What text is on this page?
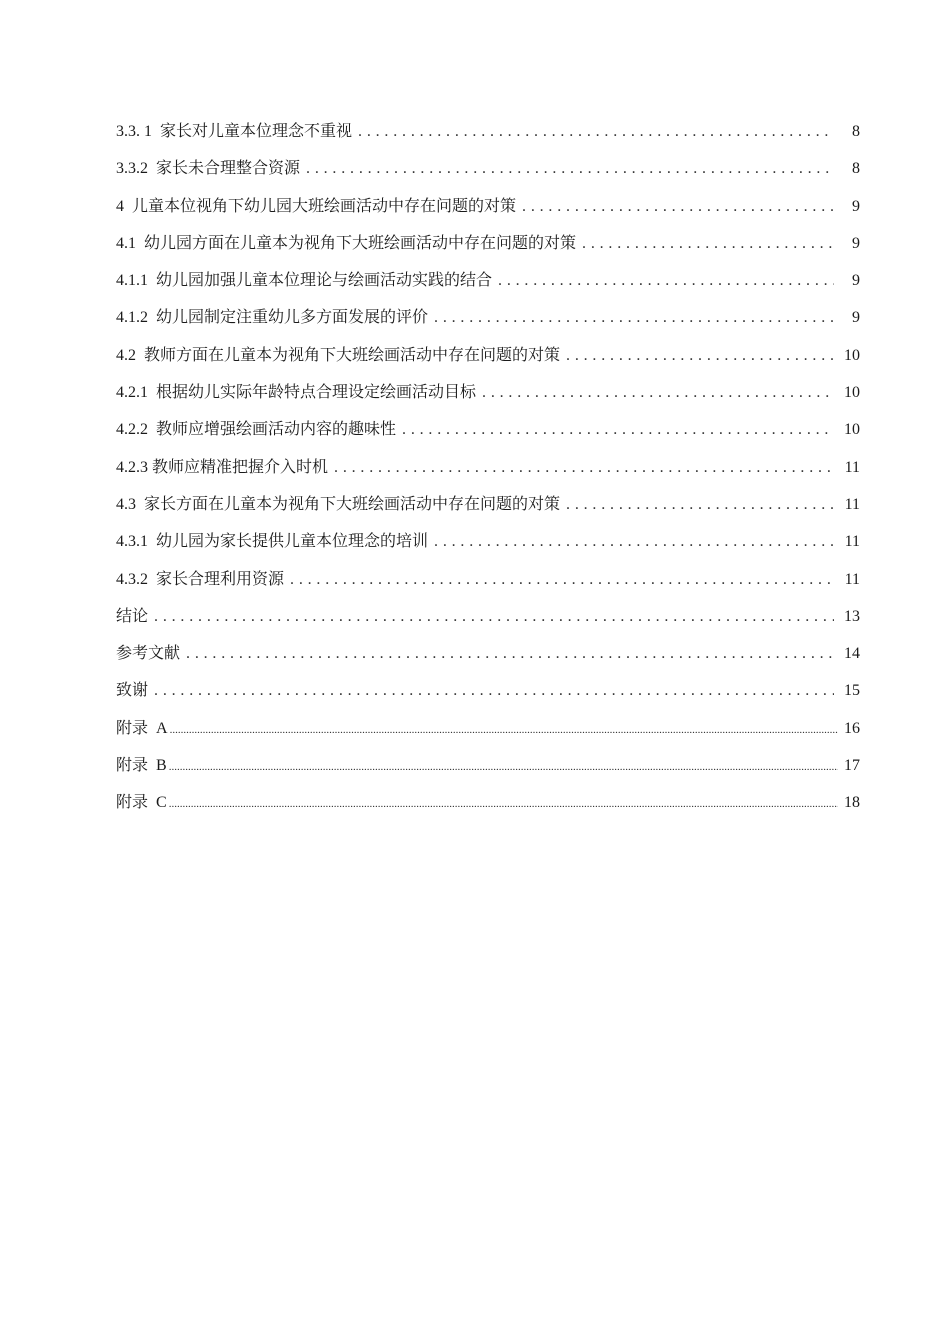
3.3. 1  家长对儿童本位理念不重视 . . .	8
3.3.2  家长未合理整合资源 . . .	8
4  儿童本位视角下幼儿园大班绘画活动中存在问题的对策 . . .	9
4.1  幼儿园方面在儿童本为视角下大班绘画活动中存在问题的对策 . . .	9
4.1.1  幼儿园加强儿童本位理论与绘画活动实践的结合 . . .	9
4.1.2  幼儿园制定注重幼儿多方面发展的评价 . . .	9
4.2  教师方面在儿童本为视角下大班绘画活动中存在问题的对策 . . .	10
4.2.1  根据幼儿实际年龄特点合理设定绘画活动目标 . . .	10
4.2.2  教师应增强绘画活动内容的趣味性 . . .	10
4.2.3 教师应精准把握介入时机 . . .	11
4.3  家长方面在儿童本为视角下大班绘画活动中存在问题的对策 . . .	11
4.3.1  幼儿园为家长提供儿童本位理念的培训 . . .	11
4.3.2  家长合理利用资源 . . .	11
结论 . . .	13
参考文献 . . .	14
致谢 . . .	15
附录  A .....	16
附录  B .....	17
附录  C .....	18
